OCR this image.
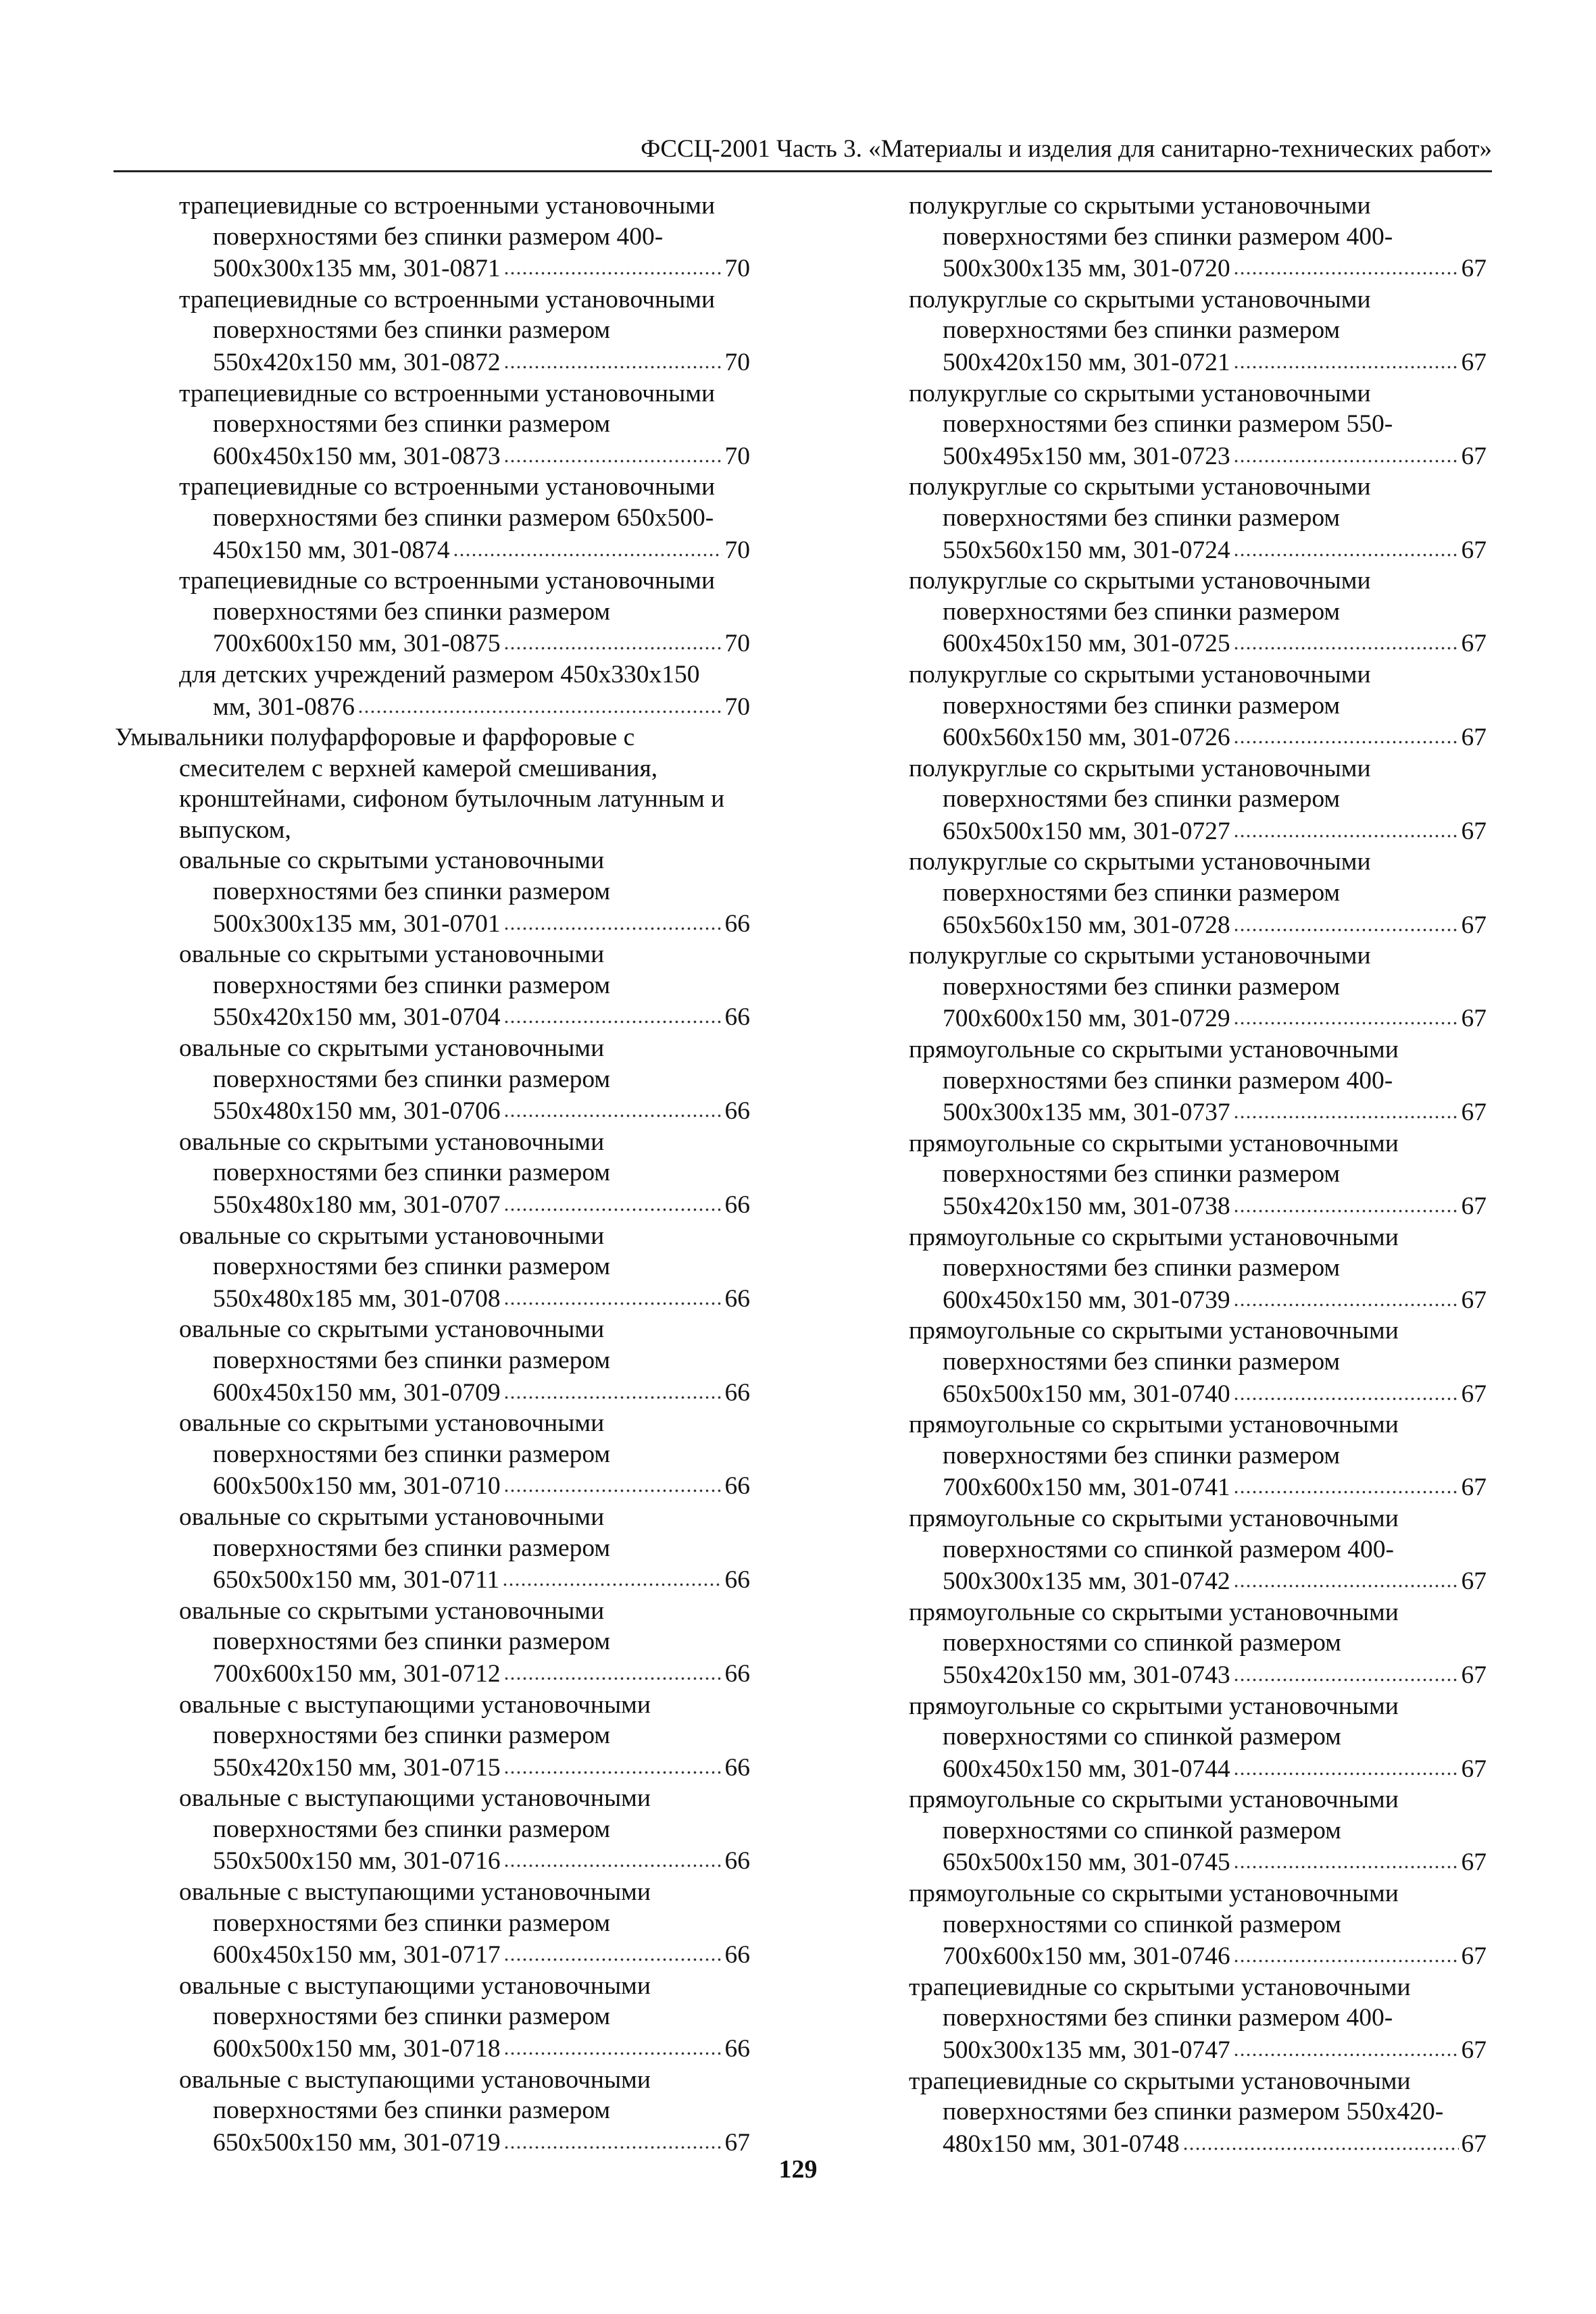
ФССЦ-2001 Часть 3. «Материалы и изделия для санитарно-технических работ»
трапециевидные со встроенными установочными
поверхностями без спинки размером 400-
500x300x135 мм, 301-0871	70
трапециевидные со встроенными установочными
поверхностями без спинки размером
550x420x150 мм, 301-0872	70
трапециевидные со встроенными установочными
поверхностями без спинки размером
600x450x150 мм, 301-0873	70
трапециевидные со встроенными установочными
поверхностями без спинки размером 650x500-
450x150 мм, 301-0874	70
трапециевидные со встроенными установочными
поверхностями без спинки размером
700x600x150 мм, 301-0875	70
для детских учреждений размером 450x330x150
мм, 301-0876	70
Умывальники полуфарфоровые и фарфоровые с
смесителем с верхней камерой смешивания,
кронштейнами, сифоном бутылочным латунным и
выпуском,
овальные со скрытыми установочными
поверхностями без спинки размером
500x300x135 мм, 301-0701	66
овальные со скрытыми установочными
поверхностями без спинки размером
550x420x150 мм, 301-0704	66
овальные со скрытыми установочными
поверхностями без спинки размером
550x480x150 мм, 301-0706	66
овальные со скрытыми установочными
поверхностями без спинки размером
550x480x180 мм, 301-0707	66
овальные со скрытыми установочными
поверхностями без спинки размером
550x480x185 мм, 301-0708	66
овальные со скрытыми установочными
поверхностями без спинки размером
600x450x150 мм, 301-0709	66
овальные со скрытыми установочными
поверхностями без спинки размером
600x500x150 мм, 301-0710	66
овальные со скрытыми установочными
поверхностями без спинки размером
650x500x150 мм, 301-0711	66
овальные со скрытыми установочными
поверхностями без спинки размером
700x600x150 мм, 301-0712	66
овальные с выступающими установочными
поверхностями без спинки размером
550x420x150 мм, 301-0715	66
овальные с выступающими установочными
поверхностями без спинки размером
550x500x150 мм, 301-0716	66
овальные с выступающими установочными
поверхностями без спинки размером
600x450x150 мм, 301-0717	66
овальные с выступающими установочными
поверхностями без спинки размером
600x500x150 мм, 301-0718	66
овальные с выступающими установочными
поверхностями без спинки размером
650x500x150 мм, 301-0719	67
полукруглые со скрытыми установочными
поверхностями без спинки размером 400-
500x300x135 мм, 301-0720	67
полукруглые со скрытыми установочными
поверхностями без спинки размером
500x420x150 мм, 301-0721	67
полукруглые со скрытыми установочными
поверхностями без спинки размером 550-
500x495x150 мм, 301-0723	67
полукруглые со скрытыми установочными
поверхностями без спинки размером
550x560x150 мм, 301-0724	67
полукруглые со скрытыми установочными
поверхностями без спинки размером
600x450x150 мм, 301-0725	67
полукруглые со скрытыми установочными
поверхностями без спинки размером
600x560x150 мм, 301-0726	67
полукруглые со скрытыми установочными
поверхностями без спинки размером
650x500x150 мм, 301-0727	67
полукруглые со скрытыми установочными
поверхностями без спинки размером
650x560x150 мм, 301-0728	67
полукруглые со скрытыми установочными
поверхностями без спинки размером
700x600x150 мм, 301-0729	67
прямоугольные со скрытыми установочными
поверхностями без спинки размером 400-
500x300x135 мм, 301-0737	67
прямоугольные со скрытыми установочными
поверхностями без спинки размером
550x420x150 мм, 301-0738	67
прямоугольные со скрытыми установочными
поверхностями без спинки размером
600x450x150 мм, 301-0739	67
прямоугольные со скрытыми установочными
поверхностями без спинки размером
650x500x150 мм, 301-0740	67
прямоугольные со скрытыми установочными
поверхностями без спинки размером
700x600x150 мм, 301-0741	67
прямоугольные со скрытыми установочными
поверхностями со спинкой размером 400-
500x300x135 мм, 301-0742	67
прямоугольные со скрытыми установочными
поверхностями со спинкой размером
550x420x150 мм, 301-0743	67
прямоугольные со скрытыми установочными
поверхностями со спинкой размером
600x450x150 мм, 301-0744	67
прямоугольные со скрытыми установочными
поверхностями со спинкой размером
650x500x150 мм, 301-0745	67
прямоугольные со скрытыми установочными
поверхностями со спинкой размером
700x600x150 мм, 301-0746	67
трапециевидные со скрытыми установочными
поверхностями без спинки размером 400-
500x300x135 мм, 301-0747	67
трапециевидные со скрытыми установочными
поверхностями без спинки размером 550x420-
480x150 мм, 301-0748	67
129
